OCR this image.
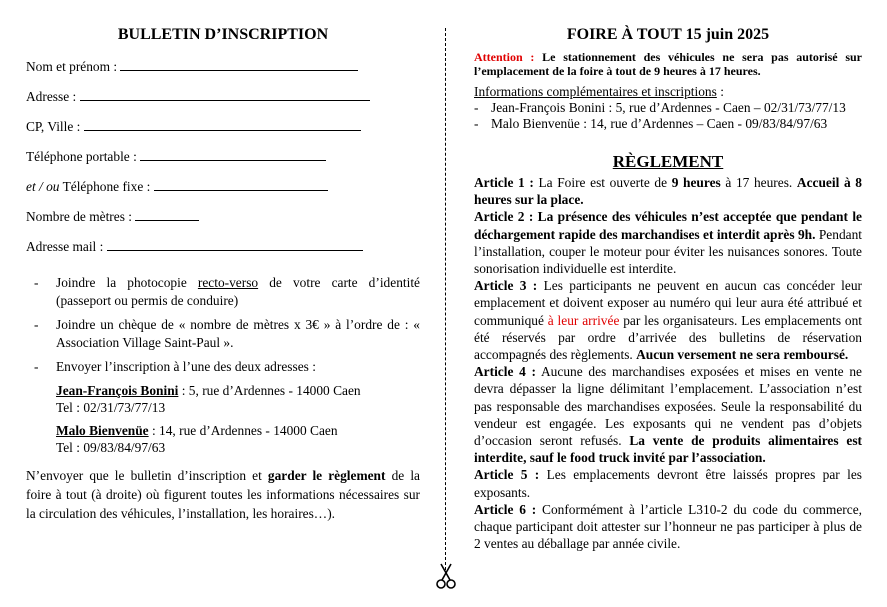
BULLETIN D’INSCRIPTION
Nom et prénom :
Adresse :
CP, Ville :
Téléphone portable :
et / ou Téléphone fixe :
Nombre de mètres :
Adresse mail :
- Joindre la photocopie recto-verso de votre carte d’identité (passeport ou permis de conduire)
- Joindre un chèque de « nombre de mètres x 3€ » à l’ordre de : « Association Village Saint-Paul ».
- Envoyer l’inscription à l’une des deux adresses :
Jean-François Bonini : 5, rue d’Ardennes - 14000 Caen
Tel : 02/31/73/77/13
Malo Bienvenüe : 14, rue d’Ardennes - 14000 Caen
Tel : 09/83/84/97/63
N’envoyer que le bulletin d’inscription et garder le règlement de la foire à tout (à droite) où figurent toutes les informations nécessaires sur la circulation des véhicules, l’installation, les horaires…).
FOIRE À TOUT 15 juin 2025
Attention : Le stationnement des véhicules ne sera pas autorisé sur l’emplacement de la foire à tout de 9 heures à 17 heures.
Informations complémentaires et inscriptions :
- Jean-François Bonini : 5, rue d’Ardennes - Caen – 02/31/73/77/13
- Malo Bienvenüe : 14, rue d’Ardennes – Caen - 09/83/84/97/63
RÈGLEMENT

Article 1 : La Foire est ouverte de 9 heures à 17 heures. Accueil à 8 heures sur la place.

Article 2 : La présence des véhicules n’est acceptée que pendant le déchargement rapide des marchandises et interdit après 9h. Pendant l’installation, couper le moteur pour éviter les nuisances sonores. Toute sonorisation individuelle est interdite.

Article 3 : Les participants ne peuvent en aucun cas concéder leur emplacement et doivent exposer au numéro qui leur aura été attribué et communiqué à leur arrivée par les organisateurs. Les emplacements ont été réservés par ordre d’arrivée des bulletins de réservation accompagnés des règlements. Aucun versement ne sera remboursé.

Article 4 : Aucune des marchandises exposées et mises en vente ne devra dépasser la ligne délimitant l’emplacement. L’association n’est pas responsable des marchandises exposées. Seule la responsabilité du vendeur est engagée. Les exposants qui ne vendent pas d’objets d’occasion seront refusés. La vente de produits alimentaires est interdite, sauf le food truck invité par l’association.

Article 5 : Les emplacements devront être laissés propres par les exposants.

Article 6 : Conformément à l’article L310-2 du code du commerce, chaque participant doit attester sur l’honneur ne pas participer à plus de 2 ventes au déballage par année civile.
